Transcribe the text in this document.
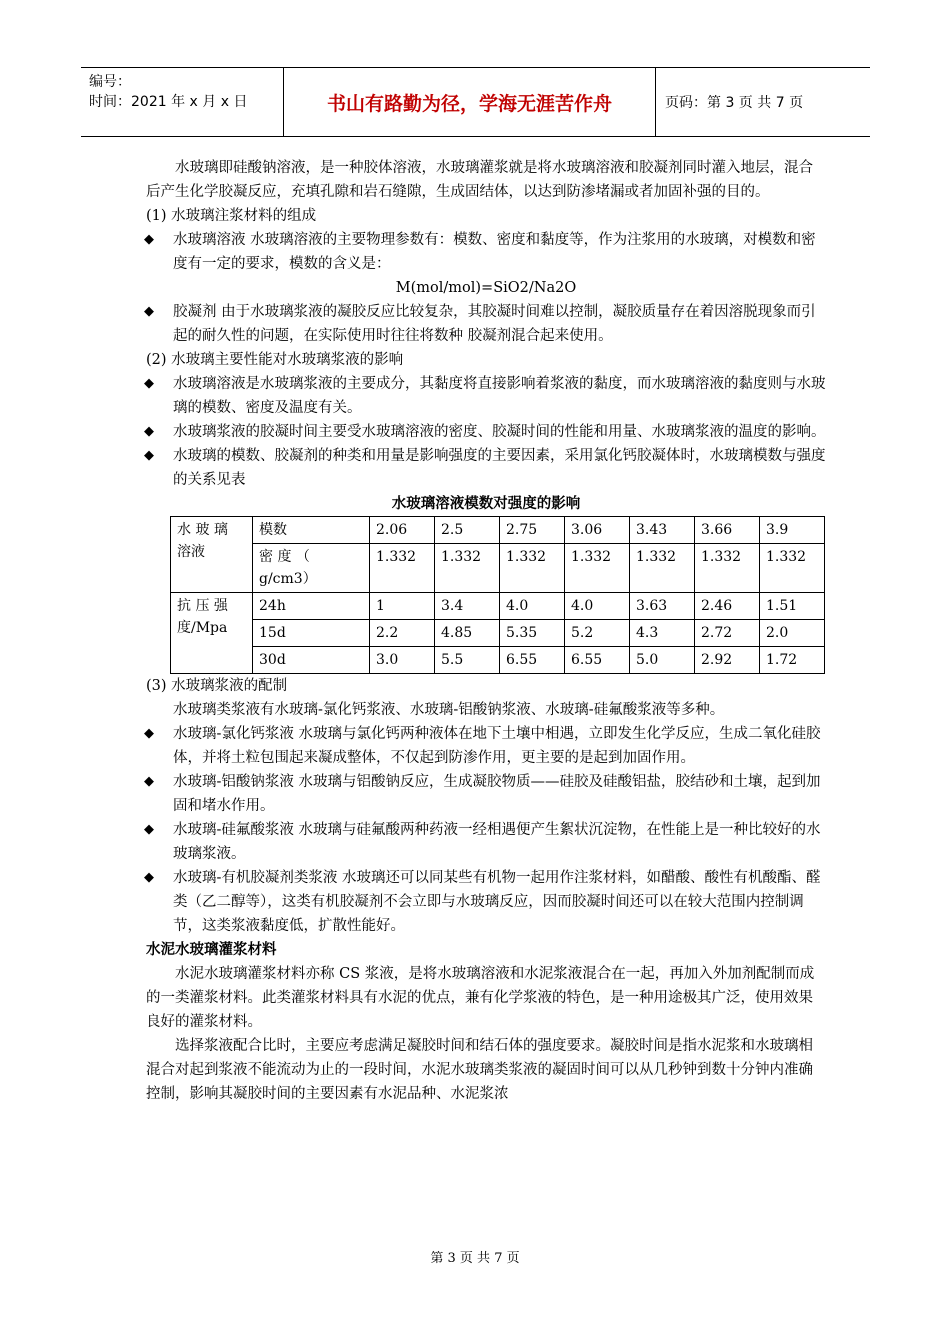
编号：
时间：2021 年 x 月 x 日	书山有路勤为径，学海无涯苦作舟	页码：第 3 页 共 7 页

水玻璃即硅酸钠溶液，是一种胶体溶液，水玻璃灌浆就是将水玻璃溶液和胶凝剂同时灌入地层，混合后产生化学胶凝反应，充填孔隙和岩石缝隙，生成固结体，以达到防渗堵漏或者加固补强的目的。

(1) 水玻璃注浆材料的组成

◆ 水玻璃溶液 水玻璃溶液的主要物理参数有：模数、密度和黏度等，作为注浆用的水玻璃，对模数和密度有一定的要求，模数的含义是：

M(mol/mol)=SiO2/Na2O

◆ 胶凝剂 由于水玻璃浆液的凝胶反应比较复杂，其胶凝时间难以控制，凝胶质量存在着因溶脱现象而引起的耐久性的问题，在实际使用时往往将数种 胶凝剂混合起来使用。

(2) 水玻璃主要性能对水玻璃浆液的影响

◆ 水玻璃溶液是水玻璃浆液的主要成分，其黏度将直接影响着浆液的黏度，而水玻璃溶液的黏度则与水玻璃的模数、密度及温度有关。

◆ 水玻璃浆液的胶凝时间主要受水玻璃溶液的密度、胶凝时间的性能和用量、水玻璃浆液的温度的影响。

◆ 水玻璃的模数、胶凝剂的种类和用量是影响强度的主要因素，采用氯化钙胶凝体时，水玻璃模数与强度的关系见表

水玻璃溶液模数对强度的影响

水 玻 璃 溶液	模数	2.06	2.5	2.75	3.06	3.43	3.66	3.9
	密 度 （ g/cm3）	1.332	1.332	1.332	1.332	1.332	1.332	1.332
抗 压 强 度/Mpa	24h	1	3.4	4.0	4.0	3.63	2.46	1.51
	15d	2.2	4.85	5.35	5.2	4.3	2.72	2.0
	30d	3.0	5.5	6.55	6.55	5.0	2.92	1.72

(3) 水玻璃浆液的配制

水玻璃类浆液有水玻璃-氯化钙浆液、水玻璃-铝酸钠浆液、水玻璃-硅氟酸浆液等多种。

◆ 水玻璃-氯化钙浆液 水玻璃与氯化钙两种液体在地下土壤中相遇，立即发生化学反应，生成二氧化硅胶体，并将土粒包围起来凝成整体，不仅起到防渗作用，更主要的是起到加固作用。

◆ 水玻璃-铝酸钠浆液 水玻璃与铝酸钠反应，生成凝胶物质——硅胶及硅酸铝盐，胶结砂和土壤，起到加固和堵水作用。

◆ 水玻璃-硅氟酸浆液 水玻璃与硅氟酸两种药液一经相遇便产生絮状沉淀物，在性能上是一种比较好的水玻璃浆液。

◆ 水玻璃-有机胶凝剂类浆液 水玻璃还可以同某些有机物一起用作注浆材料，如醋酸、酸性有机酸酯、醛类（乙二醇等），这类有机胶凝剂不会立即与水玻璃反应，因而胶凝时间还可以在较大范围内控制调节，这类浆液黏度低，扩散性能好。

水泥水玻璃灌浆材料

水泥水玻璃灌浆材料亦称 CS 浆液，是将水玻璃溶液和水泥浆液混合在一起，再加入外加剂配制而成的一类灌浆材料。此类灌浆材料具有水泥的优点，兼有化学浆液的特色，是一种用途极其广泛，使用效果良好的灌浆材料。

选择浆液配合比时，主要应考虑满足凝胶时间和结石体的强度要求。凝胶时间是指水泥浆和水玻璃相混合对起到浆液不能流动为止的一段时间，水泥水玻璃类浆液的凝固时间可以从几秒钟到数十分钟内准确控制，影响其凝胶时间的主要因素有水泥品种、水泥浆浓

第 3 页 共 7 页
